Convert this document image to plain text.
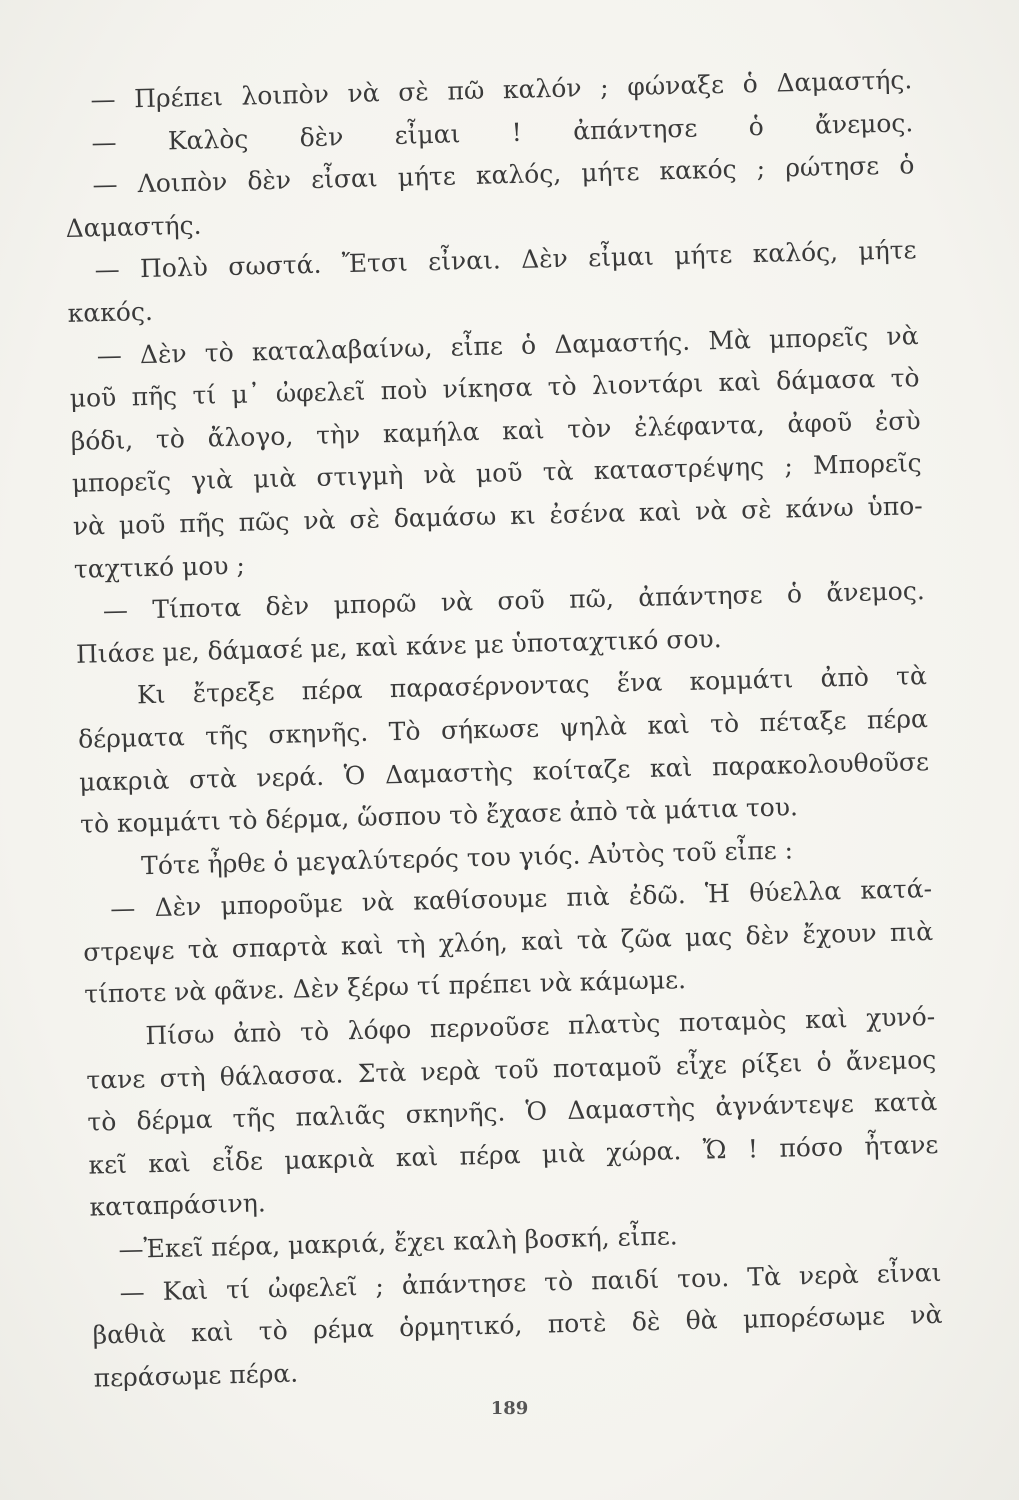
— Πρέπει λοιπὸν νὰ σὲ πῶ καλόν ; φώναξε ὁ Δαμαστής.
— Καλὸς δὲν εἶμαι ! ἀπάντησε ὁ ἄνεμος.
— Λοιπὸν δὲν εἶσαι μήτε καλός, μήτε κακός ; ρώτησε ὁ
Δαμαστής.
— Πολὺ σωστά. Ἔτσι εἶναι. Δὲν εἶμαι μήτε καλός, μήτε
κακός.
— Δὲν τὸ καταλαβαίνω, εἶπε ὁ Δαμαστής. Μὰ μπορεῖς νὰ
μοῦ πῆς τί μ᾽ ὠφελεῖ ποὺ νίκησα τὸ λιοντάρι καὶ δάμασα τὸ
βόδι, τὸ ἄλογο, τὴν καμήλα καὶ τὸν ἐλέφαντα, ἀφοῦ ἐσὺ
μπορεῖς γιὰ μιὰ στιγμὴ νὰ μοῦ τὰ καταστρέψης ; Μπορεῖς
νὰ μοῦ πῆς πῶς νὰ σὲ δαμάσω κι ἐσένα καὶ νὰ σὲ κάνω ὑπο-
ταχτικό μου ;
— Τίποτα δὲν μπορῶ νὰ σοῦ πῶ, ἀπάντησε ὁ ἄνεμος.
Πιάσε με, δάμασέ με, καὶ κάνε με ὑποταχτικό σου.
Κι ἔτρεξε πέρα παρασέρνοντας ἕνα κομμάτι ἀπὸ τὰ
δέρματα τῆς σκηνῆς. Τὸ σήκωσε ψηλὰ καὶ τὸ πέταξε πέρα
μακριὰ στὰ νερά. Ὁ Δαμαστὴς κοίταζε καὶ παρακολουθοῦσε
τὸ κομμάτι τὸ δέρμα, ὥσπου τὸ ἔχασε ἀπὸ τὰ μάτια του.
Τότε ἦρθε ὁ μεγαλύτερός του γιός. Αὐτὸς τοῦ εἶπε :
— Δὲν μποροῦμε νὰ καθίσουμε πιὰ ἐδῶ. Ἡ θύελλα κατά-
στρεψε τὰ σπαρτὰ καὶ τὴ χλόη, καὶ τὰ ζῶα μας δὲν ἔχουν πιὰ
τίποτε νὰ φᾶνε. Δὲν ξέρω τί πρέπει νὰ κάμωμε.
Πίσω ἀπὸ τὸ λόφο περνοῦσε πλατὺς ποταμὸς καὶ χυνό-
τανε στὴ θάλασσα. Στὰ νερὰ τοῦ ποταμοῦ εἶχε ρίξει ὁ ἄνεμος
τὸ δέρμα τῆς παλιᾶς σκηνῆς. Ὁ Δαμαστὴς ἀγνάντεψε κατὰ
κεῖ καὶ εἶδε μακριὰ καὶ πέρα μιὰ χώρα. Ὤ ! πόσο ἦτανε
καταπράσινη.
—Ἐκεῖ πέρα, μακριά, ἔχει καλὴ βοσκή, εἶπε.
— Καὶ τί ὠφελεῖ ; ἀπάντησε τὸ παιδί του. Τὰ νερὰ εἶναι
βαθιὰ καὶ τὸ ρέμα ὁρμητικό, ποτὲ δὲ θὰ μπορέσωμε νὰ
περάσωμε πέρα.
189
